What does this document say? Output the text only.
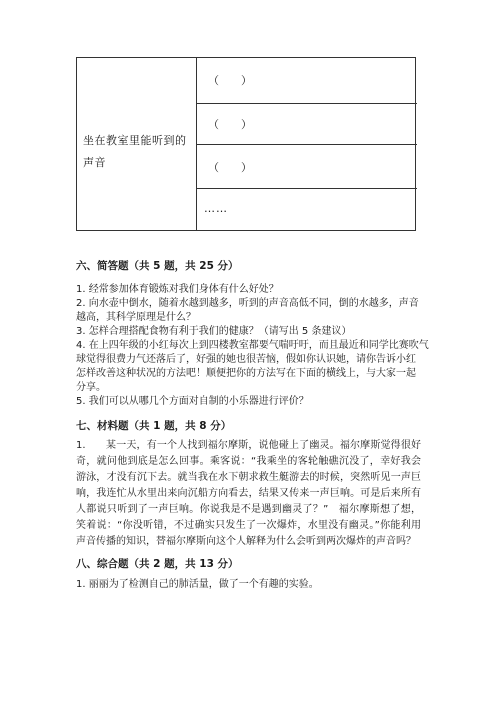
坐在教室里能听到的声音
（　　）
（　　）
（　　）
……
六、简答题（共 5 题，共 25 分）
1. 经常参加体育锻炼对我们身体有什么好处？
2. 向水壶中倒水，随着水越到越多，听到的声音高低不同，倒的水越多，声音
越高，其科学原理是什么？
3. 怎样合理搭配食物有利于我们的健康？（请写出 5 条建议）
4. 在上四年级的小红每次上到四楼教室都要气喘吁吁，而且最近和同学比赛吹气
球觉得很费力气还落后了，好强的她也很苦恼，假如你认识她，请你告诉小红
怎样改善这种状况的方法吧！顺便把你的方法写在下面的横线上，与大家一起
分享。
5. 我们可以从哪几个方面对自制的小乐器进行评价？
七、材料题（共 1 题，共 8 分）
1.　　某一天，有一个人找到福尔摩斯，说他碰上了幽灵。福尔摩斯觉得很好奇，就问他到底是怎么回事。乘客说：“我乘坐的客轮触礁沉没了，幸好我会游泳，才没有沉下去。就当我在水下朝求救生艇游去的时候，突然听见一声巨响，我连忙从水里出来向沉船方向看去，结果又传来一声巨响。可是后来所有人都说只听到了一声巨响。你说我是不是遇到幽灵了？”　福尔摩斯想了想，笑着说：“你没听错，不过确实只发生了一次爆炸，水里没有幽灵。”你能利用声音传播的知识，替福尔摩斯向这个人解释为什么会听到两次爆炸的声音吗？
八、综合题（共 2 题，共 13 分）
1. 丽丽为了检测自己的肺活量，做了一个有趣的实验。
